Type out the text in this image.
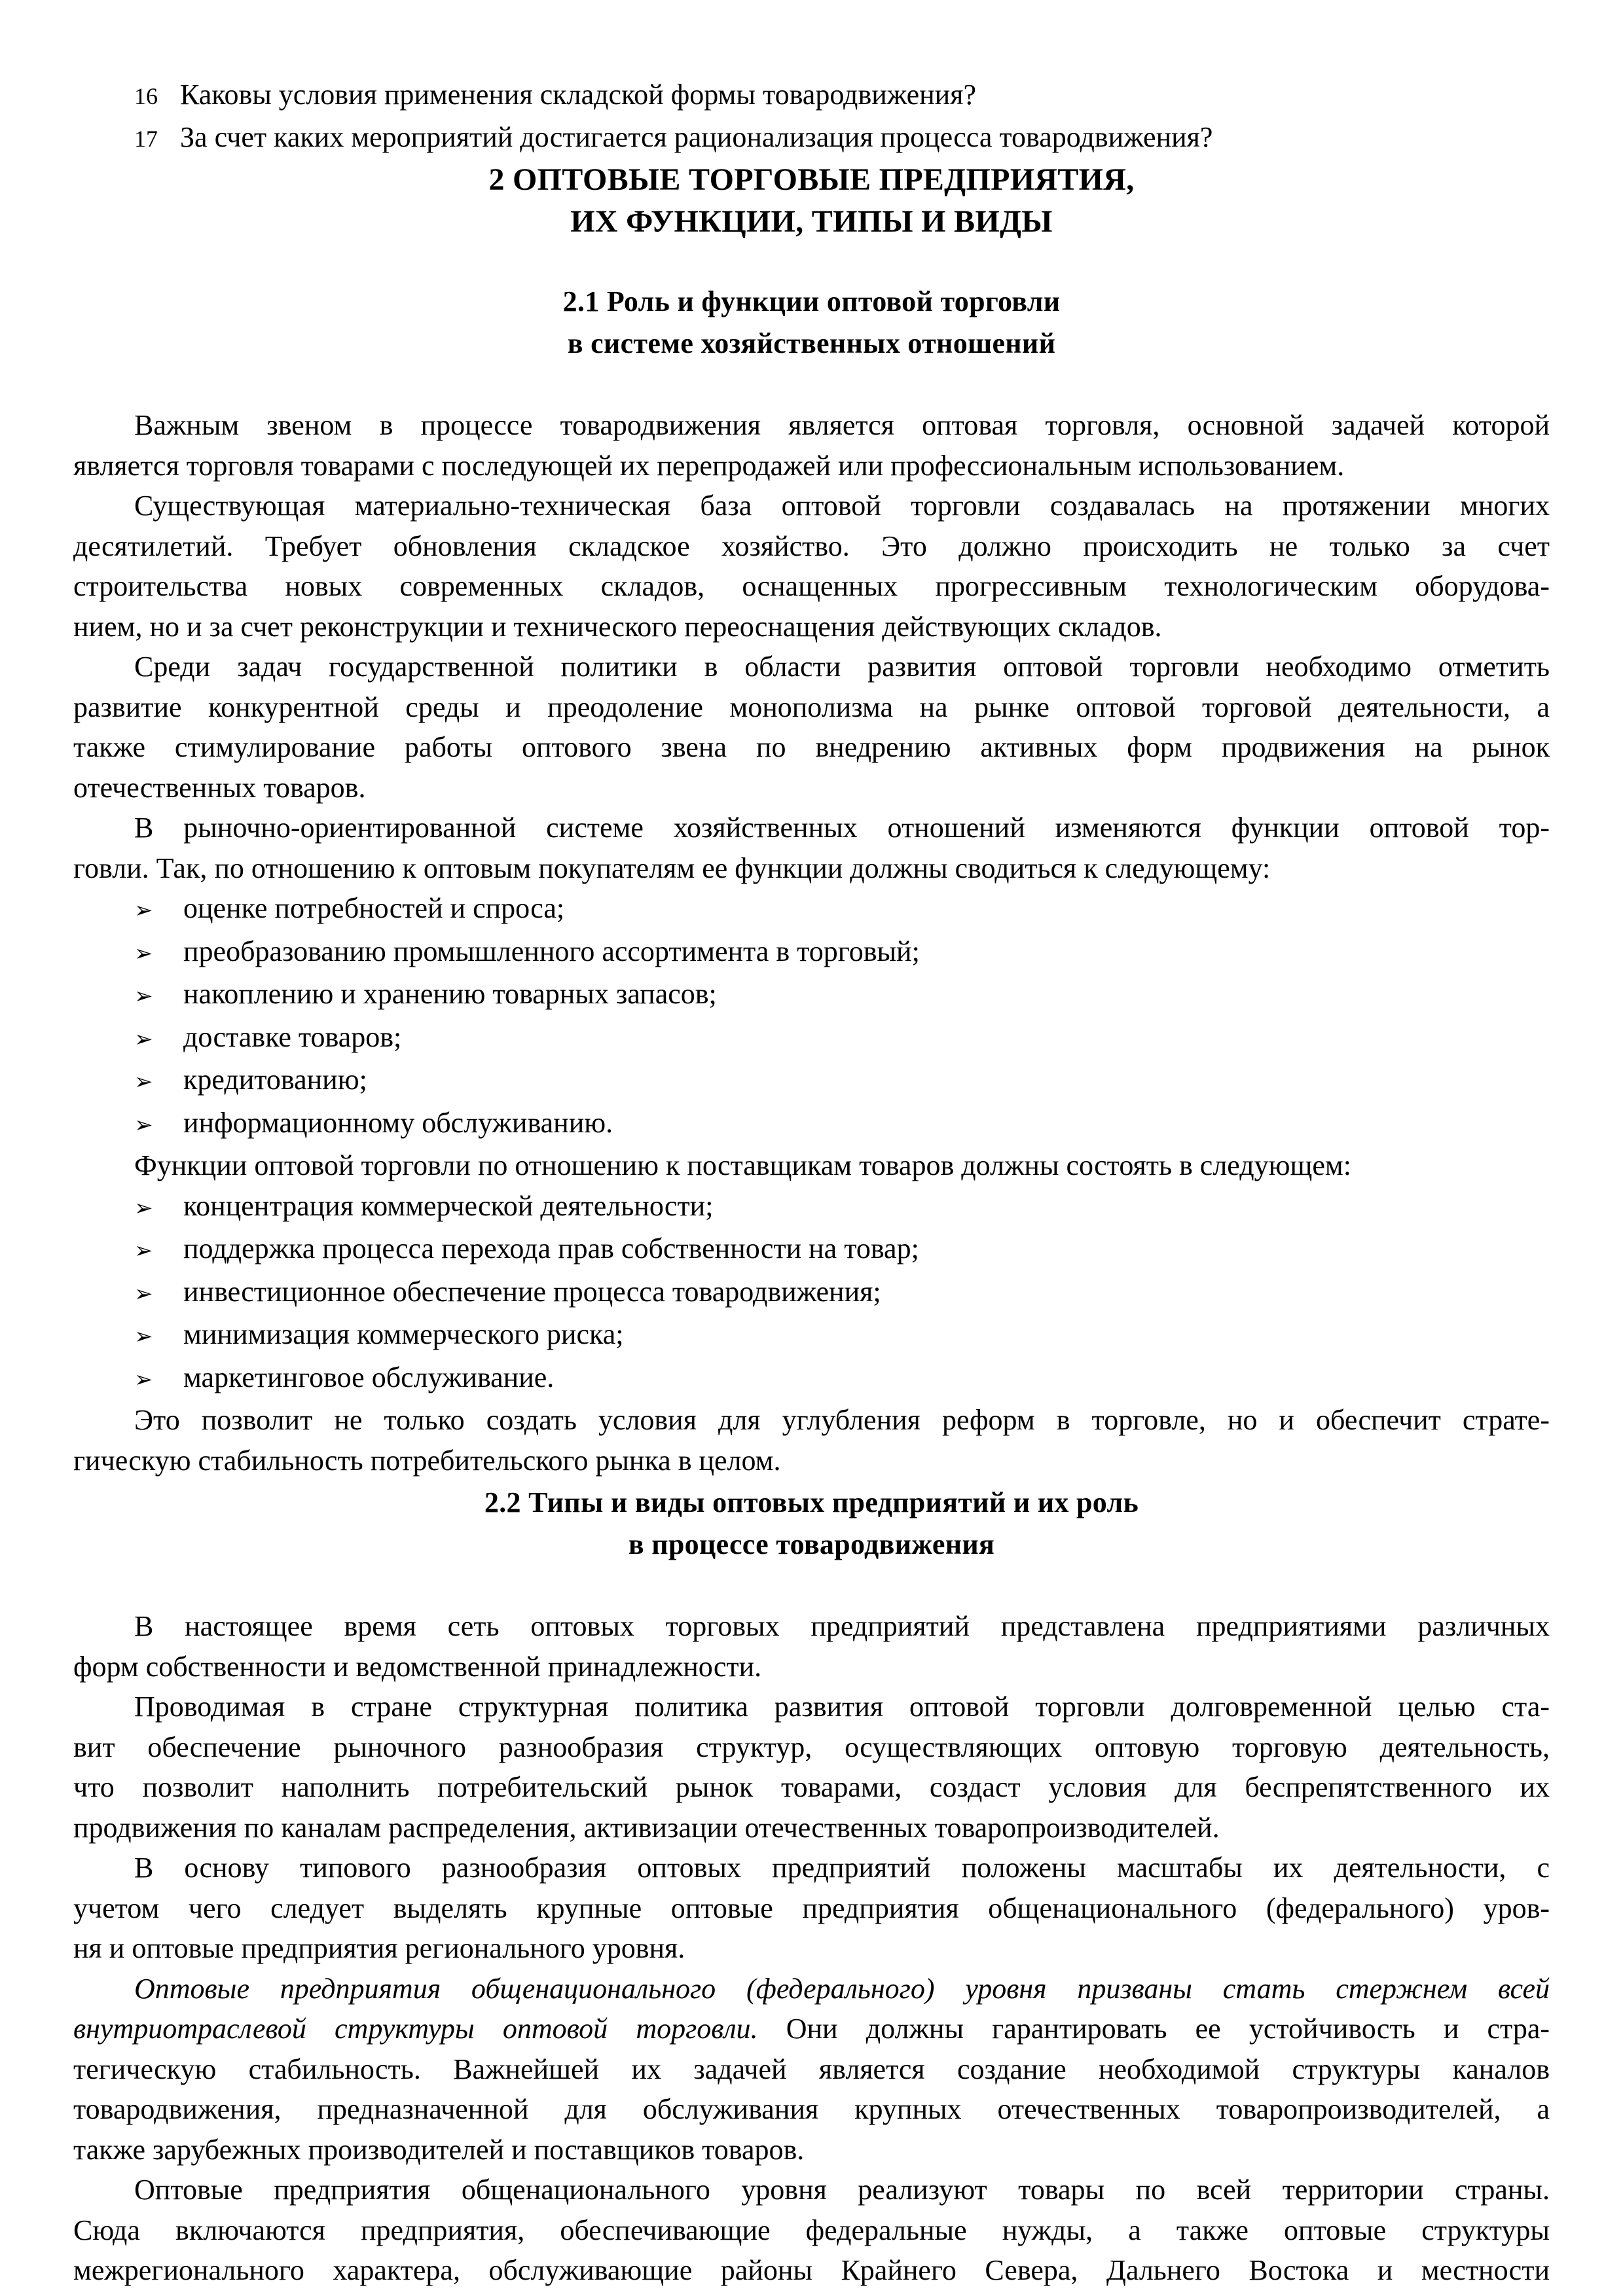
16 Каковы условия применения складской формы товародвижения?
17 За счет каких мероприятий достигается рационализация процесса товародвижения?
2 ОПТОВЫЕ ТОРГОВЫЕ ПРЕДПРИЯТИЯ,
ИХ ФУНКЦИИ, ТИПЫ И ВИДЫ
2.1 Роль и функции оптовой торговли
в системе хозяйственных отношений
Важным звеном в процессе товародвижения является оптовая торговля, основной задачей которой
является торговля товарами с последующей их перепродажей или профессиональным использованием.
Существующая материально-техническая база оптовой торговли создавалась на протяжении многих
десятилетий. Требует обновления складское хозяйство. Это должно происходить не только за счет
строительства новых современных складов, оснащенных прогрессивным технологическим оборудова-
нием, но и за счет реконструкции и технического переоснащения действующих складов.
Среди задач государственной политики в области развития оптовой торговли необходимо отметить
развитие конкурентной среды и преодоление монополизма на рынке оптовой торговой деятельности, а
также стимулирование работы оптового звена по внедрению активных форм продвижения на рынок
отечественных товаров.
В рыночно-ориентированной системе хозяйственных отношений изменяются функции оптовой тор-
говли. Так, по отношению к оптовым покупателям ее функции должны сводиться к следующему:
➢	оценке потребностей и спроса;
➢	преобразованию промышленного ассортимента в торговый;
➢	накоплению и хранению товарных запасов;
➢	доставке товаров;
➢	кредитованию;
➢	информационному обслуживанию.
Функции оптовой торговли по отношению к поставщикам товаров должны состоять в следующем:
➢	концентрация коммерческой деятельности;
➢	поддержка процесса перехода прав собственности на товар;
➢	инвестиционное обеспечение процесса товародвижения;
➢	минимизация коммерческого риска;
➢	маркетинговое обслуживание.
Это позволит не только создать условия для углубления реформ в торговле, но и обеспечит страте-
гическую стабильность потребительского рынка в целом.
2.2 Типы и виды оптовых предприятий и их роль
в процессе товародвижения
В настоящее время сеть оптовых торговых предприятий представлена предприятиями различных
форм собственности и ведомственной принадлежности.
Проводимая в стране структурная политика развития оптовой торговли долговременной целью ста-
вит обеспечение рыночного разнообразия структур, осуществляющих оптовую торговую деятельность,
что позволит наполнить потребительский рынок товарами, создаст условия для беспрепятственного их
продвижения по каналам распределения, активизации отечественных товаропроизводителей.
В основу типового разнообразия оптовых предприятий положены масштабы их деятельности, с
учетом чего следует выделять крупные оптовые предприятия общенационального (федерального) уров-
ня и оптовые предприятия регионального уровня.
Оптовые предприятия общенационального (федерального) уровня призваны стать стержнем всей
внутриотраслевой структуры оптовой торговли. Они должны гарантировать ее устойчивость и стра-
тегическую стабильность. Важнейшей их задачей является создание необходимой структуры каналов
товародвижения, предназначенной для обслуживания крупных отечественных товаропроизводителей, а
также зарубежных производителей и поставщиков товаров.
Оптовые предприятия общенационального уровня реализуют товары по всей территории страны.
Сюда включаются предприятия, обеспечивающие федеральные нужды, а также оптовые структуры
межрегионального характера, обслуживающие районы Крайнего Севера, Дальнего Востока и местности
